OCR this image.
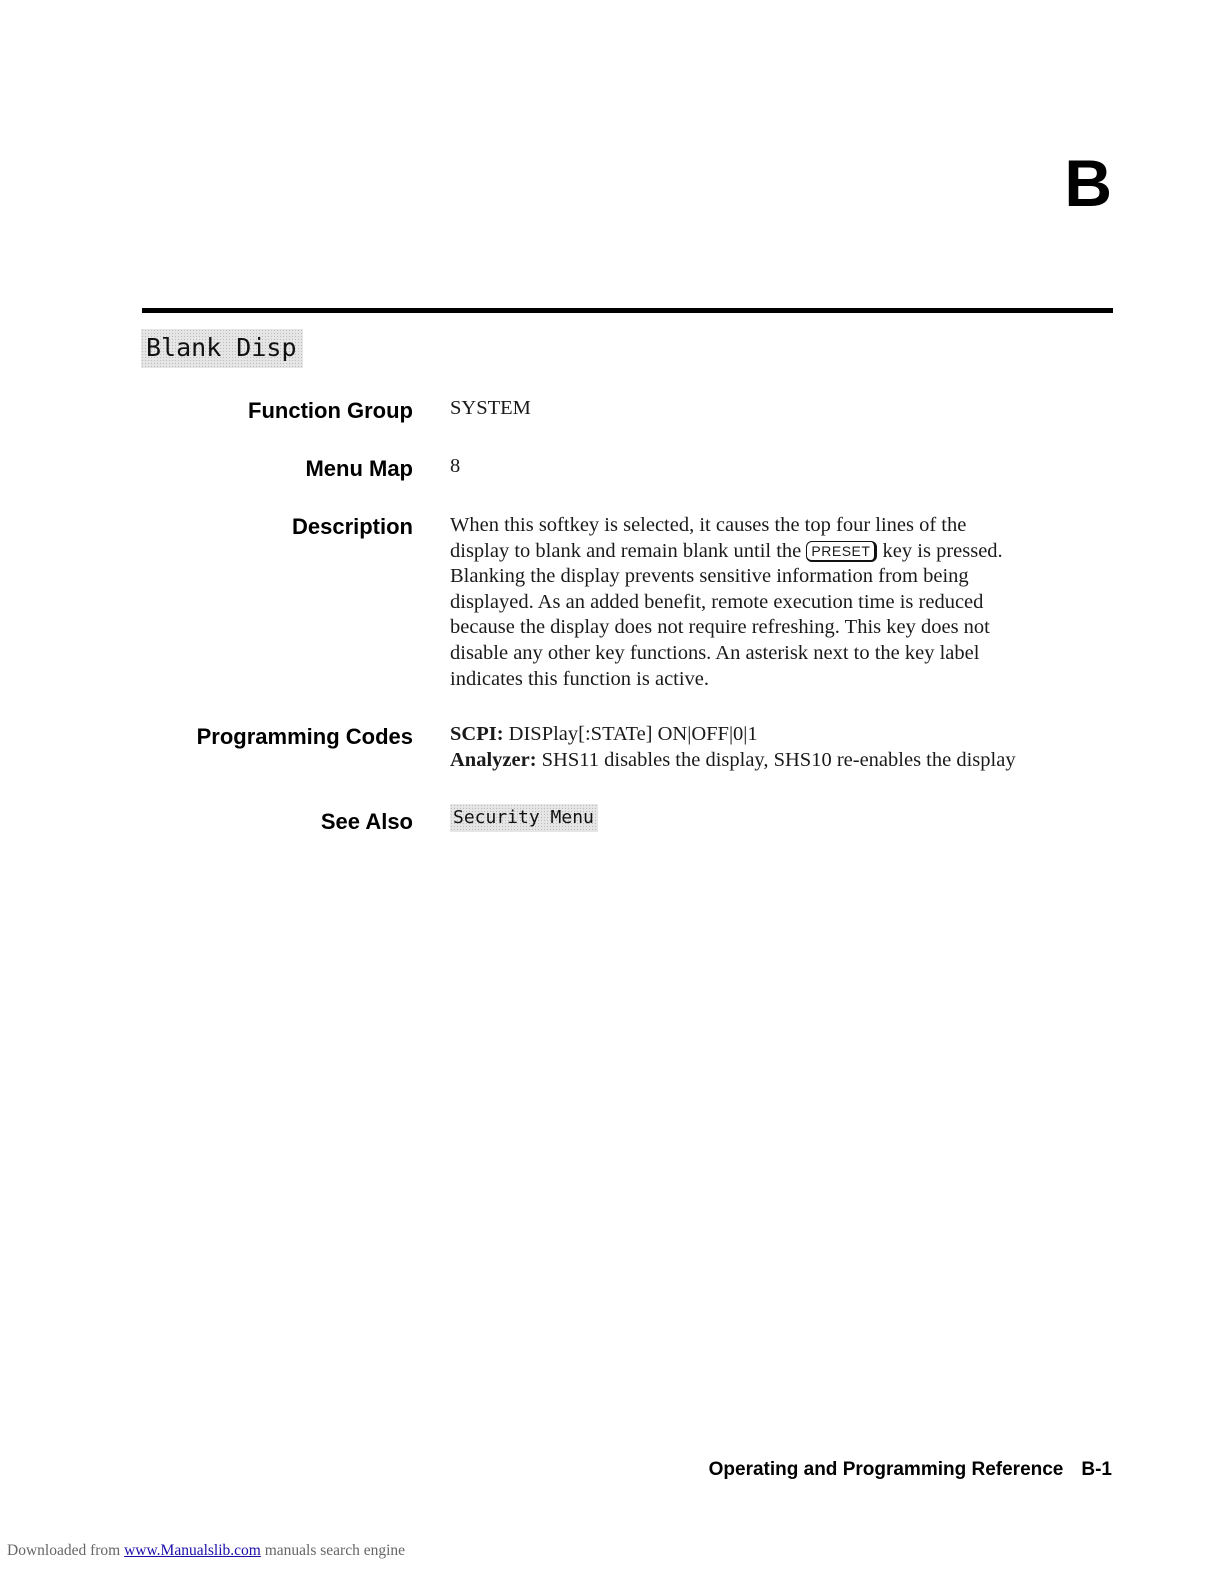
B
Blank Disp
Function Group SYSTEM
Menu Map 8
Description When this softkey is selected, it causes the top four lines of the
display to blank and remain blank until the PRESET key is pressed.
Blanking the display prevents sensitive information from being
displayed. As an added benefit, remote execution time is reduced
because the display does not require refreshing. This key does not
disable any other key functions. An asterisk next to the key label
indicates this function is active.
Programming Codes SCPI: DISPlay[:STATe] ON|OFF|0|1
Analyzer: SHS11 disables the display, SHS10 re-enables the display
See Also Security Menu
Operating and Programming Reference B-1
Downloaded from www.Manualslib.com manuals search engine
